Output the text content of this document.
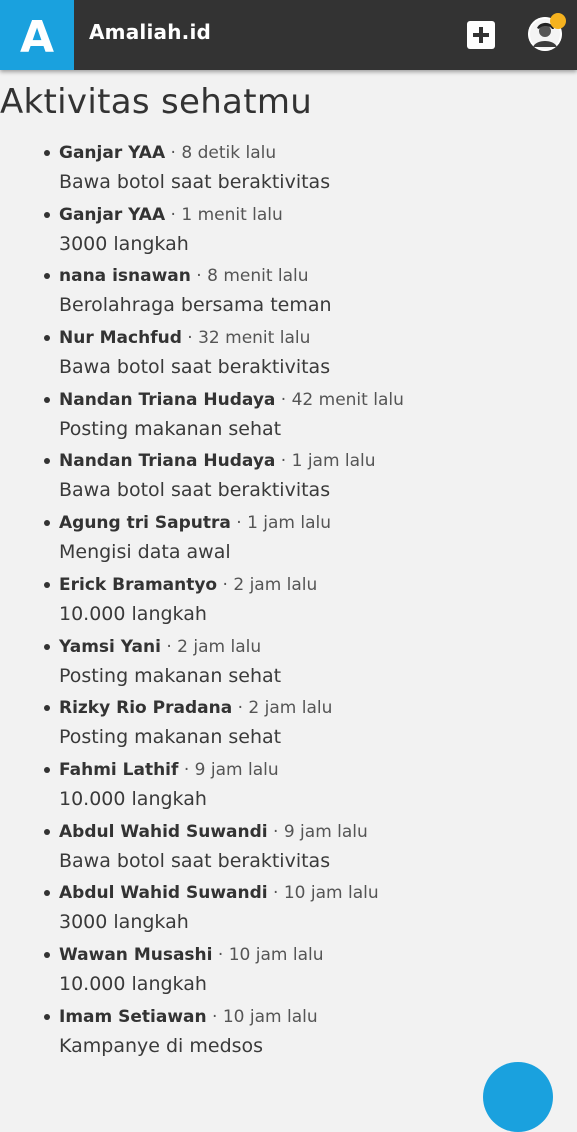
A Amaliah.id
Aktivitas sehatmu
Ganjar YAA · 8 detik lalu
Bawa botol saat beraktivitas
Ganjar YAA · 1 menit lalu
3000 langkah
nana isnawan · 8 menit lalu
Berolahraga bersama teman
Nur Machfud · 32 menit lalu
Bawa botol saat beraktivitas
Nandan Triana Hudaya · 42 menit lalu
Posting makanan sehat
Nandan Triana Hudaya · 1 jam lalu
Bawa botol saat beraktivitas
Agung tri Saputra · 1 jam lalu
Mengisi data awal
Erick Bramantyo · 2 jam lalu
10.000 langkah
Yamsi Yani · 2 jam lalu
Posting makanan sehat
Rizky Rio Pradana · 2 jam lalu
Posting makanan sehat
Fahmi Lathif · 9 jam lalu
10.000 langkah
Abdul Wahid Suwandi · 9 jam lalu
Bawa botol saat beraktivitas
Abdul Wahid Suwandi · 10 jam lalu
3000 langkah
Wawan Musashi · 10 jam lalu
10.000 langkah
Imam Setiawan · 10 jam lalu
Kampanye di medsos
